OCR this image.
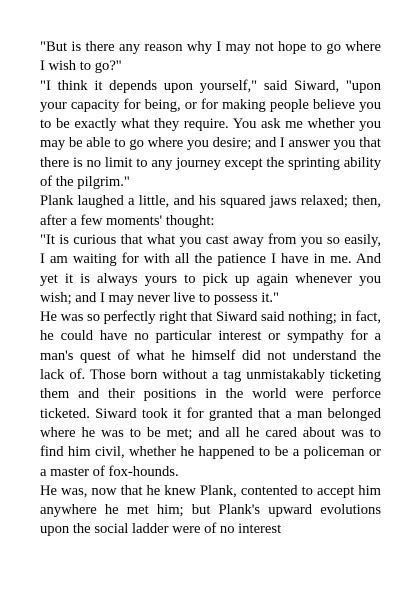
"But is there any reason why I may not hope to go where I wish to go?"

"I think it depends upon yourself," said Siward, "upon your capacity for being, or for making people believe you to be exactly what they require. You ask me whether you may be able to go where you desire; and I answer you that there is no limit to any journey except the sprinting ability of the pilgrim."

Plank laughed a little, and his squared jaws relaxed; then, after a few moments' thought:

"It is curious that what you cast away from you so easily, I am waiting for with all the patience I have in me. And yet it is always yours to pick up again whenever you wish; and I may never live to possess it."

He was so perfectly right that Siward said nothing; in fact, he could have no particular interest or sympathy for a man's quest of what he himself did not understand the lack of. Those born without a tag unmistakably ticketing them and their positions in the world were perforce ticketed. Siward took it for granted that a man belonged where he was to be met; and all he cared about was to find him civil, whether he happened to be a policeman or a master of fox-hounds.

He was, now that he knew Plank, contented to accept him anywhere he met him; but Plank's upward evolutions upon the social ladder were of no interest
